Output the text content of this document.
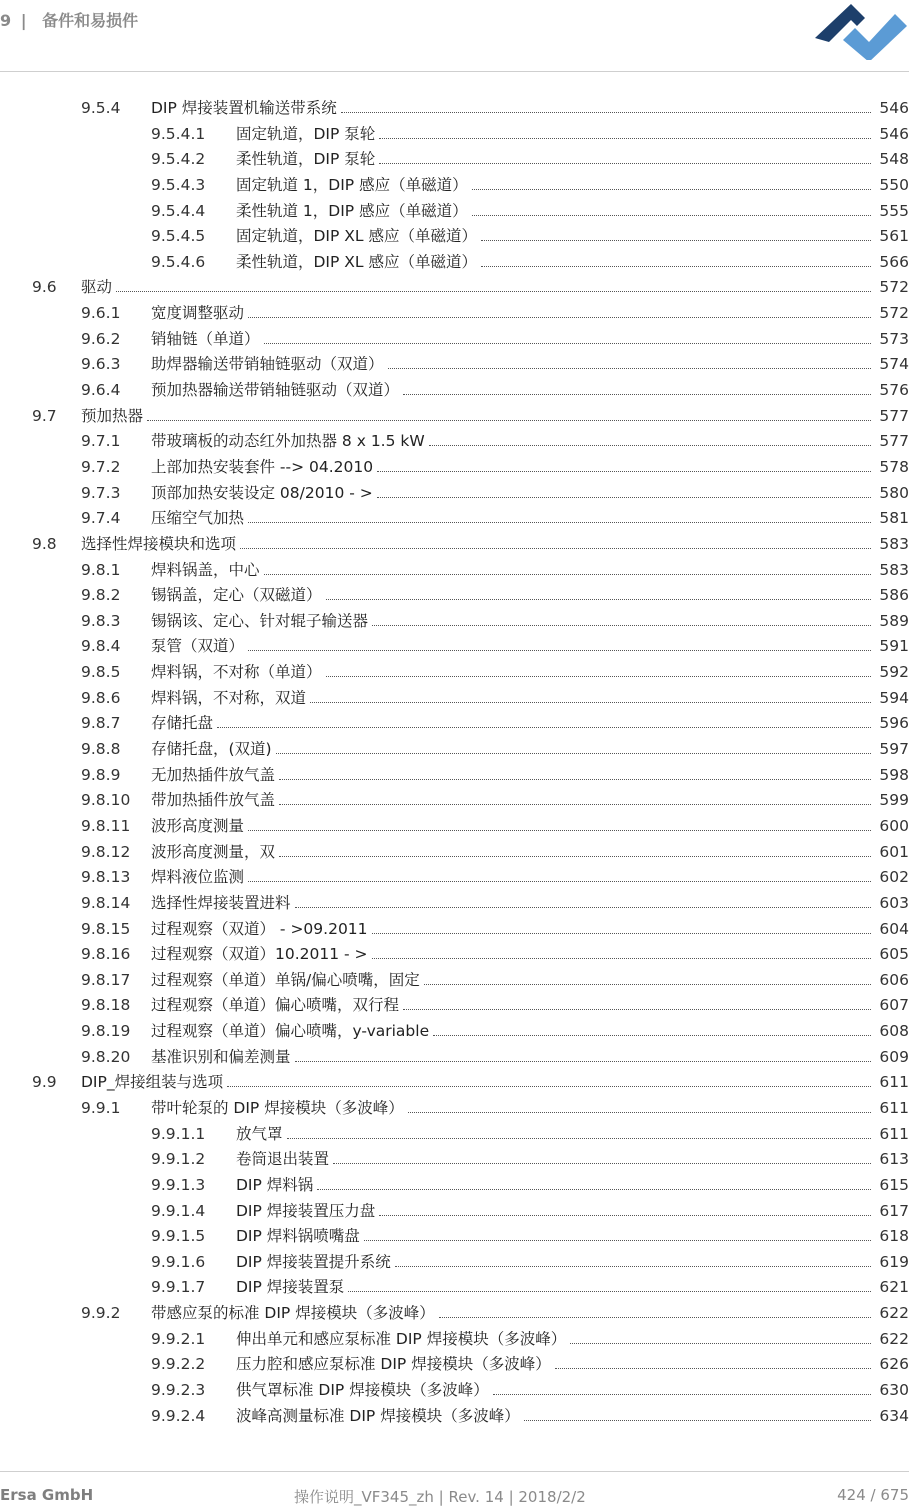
9 | 备件和易损件
9.5.4 DIP 焊接装置机输送带系统	546
9.5.4.1 固定轨道，DIP 泵轮	546
9.5.4.2 柔性轨道，DIP 泵轮	548
9.5.4.3 固定轨道 1，DIP 感应（单磁道）	550
9.5.4.4 柔性轨道 1，DIP 感应（单磁道）	555
9.5.4.5 固定轨道，DIP XL 感应（单磁道）	561
9.5.4.6 柔性轨道，DIP XL 感应（单磁道）	566
9.6 驱动	572
9.6.1 宽度调整驱动	572
9.6.2 销轴链（单道）	573
9.6.3 助焊器输送带销轴链驱动（双道）	574
9.6.4 预加热器输送带销轴链驱动（双道）	576
9.7 预加热器	577
9.7.1 带玻璃板的动态红外加热器 8 x 1.5 kW	577
9.7.2 上部加热安装套件 --> 04.2010	578
9.7.3 顶部加热安装设定 08/2010 - >	580
9.7.4 压缩空气加热	581
9.8 选择性焊接模块和选项	583
9.8.1 焊料锅盖，中心	583
9.8.2 锡锅盖，定心（双磁道）	586
9.8.3 锡锅该、定心、针对辊子输送器	589
9.8.4 泵管（双道）	591
9.8.5 焊料锅，不对称（单道）	592
9.8.6 焊料锅，不对称，双道	594
9.8.7 存储托盘	596
9.8.8 存储托盘，(双道)	597
9.8.9 无加热插件放气盖	598
9.8.10 带加热插件放气盖	599
9.8.11 波形高度测量	600
9.8.12 波形高度测量，双	601
9.8.13 焊料液位监测	602
9.8.14 选择性焊接装置进料	603
9.8.15 过程观察（双道） - >09.2011	604
9.8.16 过程观察（双道）10.2011 - >	605
9.8.17 过程观察（单道）单锅/偏心喷嘴，固定	606
9.8.18 过程观察（单道）偏心喷嘴，双行程	607
9.8.19 过程观察（单道）偏心喷嘴，y-variable	608
9.8.20 基准识别和偏差测量	609
9.9 DIP_焊接组装与选项	611
9.9.1 带叶轮泵的 DIP 焊接模块（多波峰）	611
9.9.1.1 放气罩	611
9.9.1.2 卷筒退出装置	613
9.9.1.3 DIP 焊料锅	615
9.9.1.4 DIP 焊接装置压力盘	617
9.9.1.5 DIP 焊料锅喷嘴盘	618
9.9.1.6 DIP 焊接装置提升系统	619
9.9.1.7 DIP 焊接装置泵	621
9.9.2 带感应泵的标准 DIP 焊接模块（多波峰）	622
9.9.2.1 伸出单元和感应泵标准 DIP 焊接模块（多波峰）	622
9.9.2.2 压力腔和感应泵标准 DIP 焊接模块（多波峰）	626
9.9.2.3 供气罩标准 DIP 焊接模块（多波峰）	630
9.9.2.4 波峰高测量标准 DIP 焊接模块（多波峰）	634
Ersa GmbH	操作说明_VF345_zh | Rev. 14 | 2018/2/2	424 / 675
